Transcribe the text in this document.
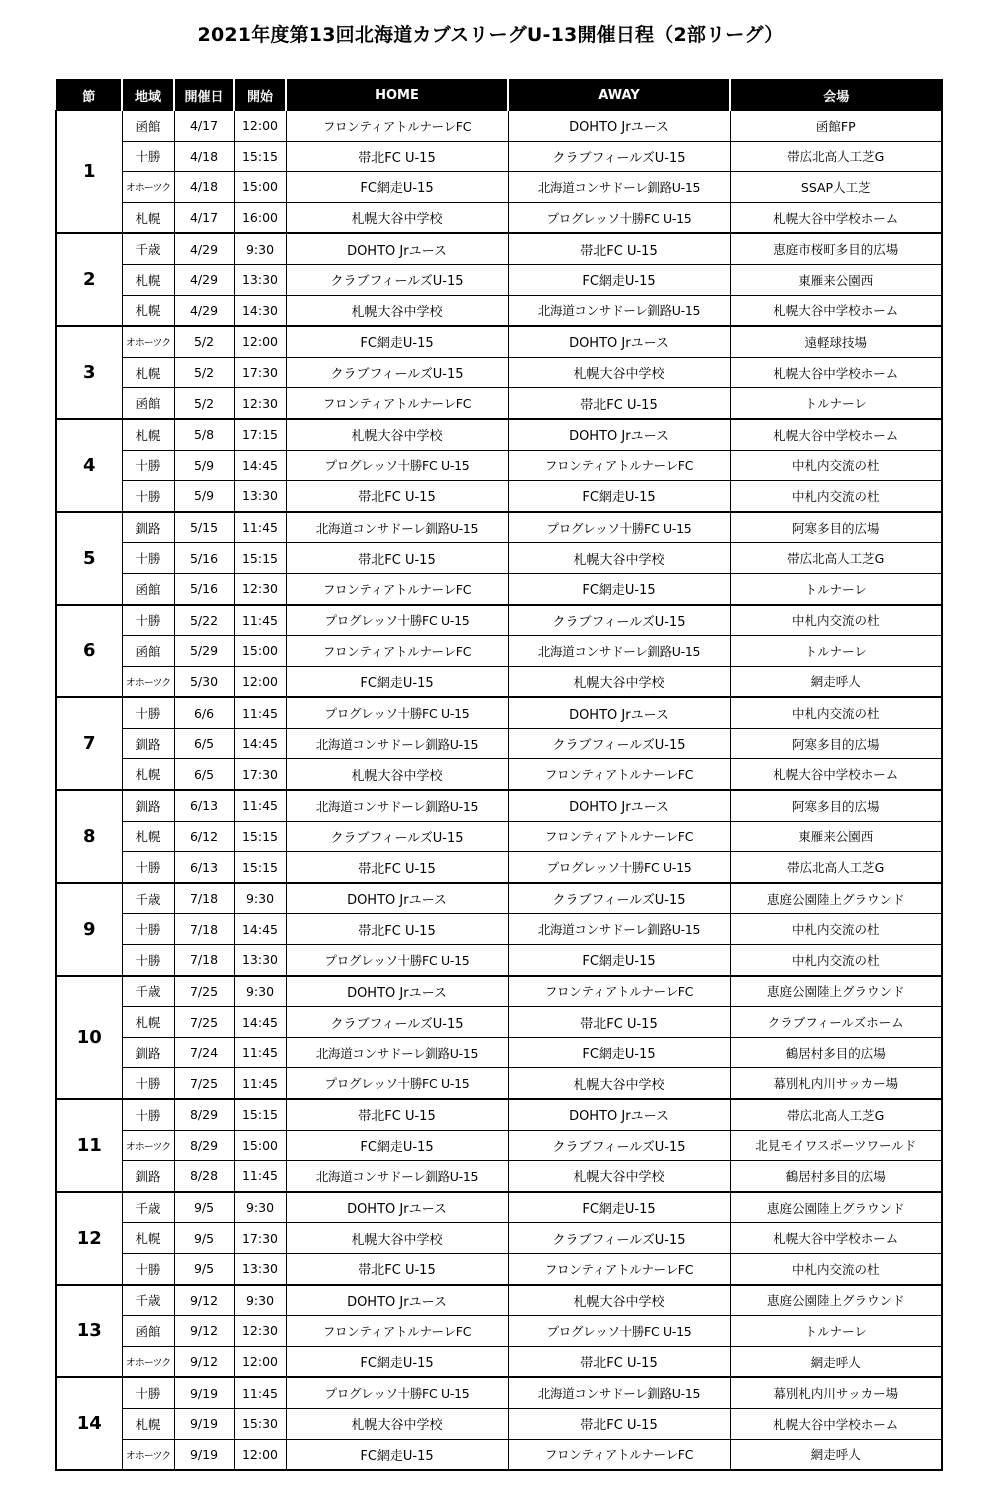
2021年度第13回北海道カブスリーグU-13開催日程（2部リーグ）
節	地域	開催日	開始	HOME	AWAY	会場
1	函館	4/17	12:00	フロンティアトルナーレFC	DOHTO Jrユース	函館FP
	十勝	4/18	15:15	帯北FC U-15	クラブフィールズU-15	帯広北高人工芝G
	オホーツク	4/18	15:00	FC網走U-15	北海道コンサドーレ釧路U-15	SSAP人工芝
	札幌	4/17	16:00	札幌大谷中学校	プログレッソ十勝FC U-15	札幌大谷中学校ホーム
2	千歳	4/29	9:30	DOHTO Jrユース	帯北FC U-15	恵庭市桜町多目的広場
	札幌	4/29	13:30	クラブフィールズU-15	FC網走U-15	東雁来公園西
	札幌	4/29	14:30	札幌大谷中学校	北海道コンサドーレ釧路U-15	札幌大谷中学校ホーム
3	オホーツク	5/2	12:00	FC網走U-15	DOHTO Jrユース	遠軽球技場
	札幌	5/2	17:30	クラブフィールズU-15	札幌大谷中学校	札幌大谷中学校ホーム
	函館	5/2	12:30	フロンティアトルナーレFC	帯北FC U-15	トルナーレ
4	札幌	5/8	17:15	札幌大谷中学校	DOHTO Jrユース	札幌大谷中学校ホーム
	十勝	5/9	14:45	プログレッソ十勝FC U-15	フロンティアトルナーレFC	中札内交流の杜
	十勝	5/9	13:30	帯北FC U-15	FC網走U-15	中札内交流の杜
5	釧路	5/15	11:45	北海道コンサドーレ釧路U-15	プログレッソ十勝FC U-15	阿寒多目的広場
	十勝	5/16	15:15	帯北FC U-15	札幌大谷中学校	帯広北高人工芝G
	函館	5/16	12:30	フロンティアトルナーレFC	FC網走U-15	トルナーレ
6	十勝	5/22	11:45	プログレッソ十勝FC U-15	クラブフィールズU-15	中札内交流の杜
	函館	5/29	15:00	フロンティアトルナーレFC	北海道コンサドーレ釧路U-15	トルナーレ
	オホーツク	5/30	12:00	FC網走U-15	札幌大谷中学校	網走呼人
7	十勝	6/6	11:45	プログレッソ十勝FC U-15	DOHTO Jrユース	中札内交流の杜
	釧路	6/5	14:45	北海道コンサドーレ釧路U-15	クラブフィールズU-15	阿寒多目的広場
	札幌	6/5	17:30	札幌大谷中学校	フロンティアトルナーレFC	札幌大谷中学校ホーム
8	釧路	6/13	11:45	北海道コンサドーレ釧路U-15	DOHTO Jrユース	阿寒多目的広場
	札幌	6/12	15:15	クラブフィールズU-15	フロンティアトルナーレFC	東雁来公園西
	十勝	6/13	15:15	帯北FC U-15	プログレッソ十勝FC U-15	帯広北高人工芝G
9	千歳	7/18	9:30	DOHTO Jrユース	クラブフィールズU-15	恵庭公園陸上グラウンド
	十勝	7/18	14:45	帯北FC U-15	北海道コンサドーレ釧路U-15	中札内交流の杜
	十勝	7/18	13:30	プログレッソ十勝FC U-15	FC網走U-15	中札内交流の杜
10	千歳	7/25	9:30	DOHTO Jrユース	フロンティアトルナーレFC	恵庭公園陸上グラウンド
	札幌	7/25	14:45	クラブフィールズU-15	帯北FC U-15	クラブフィールズホーム
	釧路	7/24	11:45	北海道コンサドーレ釧路U-15	FC網走U-15	鶴居村多目的広場
	十勝	7/25	11:45	プログレッソ十勝FC U-15	札幌大谷中学校	幕別札内川サッカー場
11	十勝	8/29	15:15	帯北FC U-15	DOHTO Jrユース	帯広北高人工芝G
	オホーツク	8/29	15:00	FC網走U-15	クラブフィールズU-15	北見モイワスポーツワールド
	釧路	8/28	11:45	北海道コンサドーレ釧路U-15	札幌大谷中学校	鶴居村多目的広場
12	千歳	9/5	9:30	DOHTO Jrユース	FC網走U-15	恵庭公園陸上グラウンド
	札幌	9/5	17:30	札幌大谷中学校	クラブフィールズU-15	札幌大谷中学校ホーム
	十勝	9/5	13:30	帯北FC U-15	フロンティアトルナーレFC	中札内交流の杜
13	千歳	9/12	9:30	DOHTO Jrユース	札幌大谷中学校	恵庭公園陸上グラウンド
	函館	9/12	12:30	フロンティアトルナーレFC	プログレッソ十勝FC U-15	トルナーレ
	オホーツク	9/12	12:00	FC網走U-15	帯北FC U-15	網走呼人
14	十勝	9/19	11:45	プログレッソ十勝FC U-15	北海道コンサドーレ釧路U-15	幕別札内川サッカー場
	札幌	9/19	15:30	札幌大谷中学校	帯北FC U-15	札幌大谷中学校ホーム
	オホーツク	9/19	12:00	FC網走U-15	フロンティアトルナーレFC	網走呼人
